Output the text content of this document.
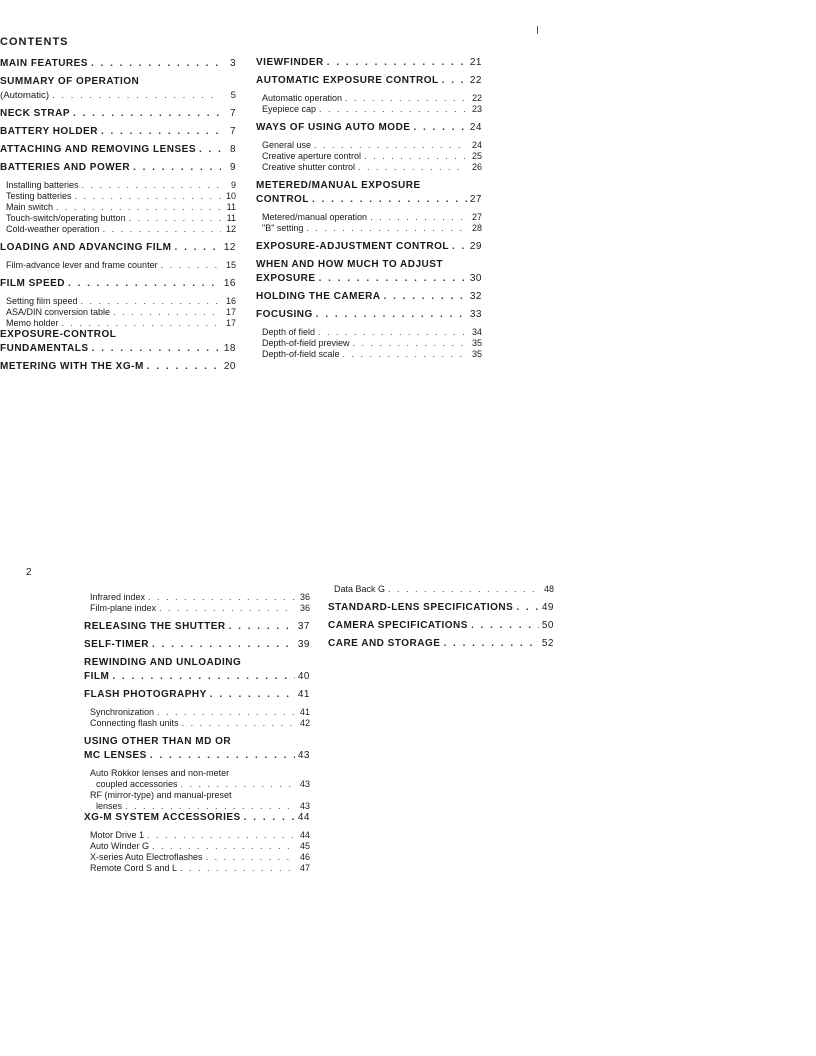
CONTENTS
MAIN FEATURES . . .	3
SUMMARY OF OPERATION
(Automatic) . . .	5
NECK STRAP . . .	7
BATTERY HOLDER . . .	7
ATTACHING AND REMOVING LENSES . . .	8
BATTERIES AND POWER . . .	9
Installing batteries . . .	9
Testing batteries . . .	10
Main switch . . .	11
Touch-switch/operating button . . .	11
Cold-weather operation . . .	12
LOADING AND ADVANCING FILM . . .	12
Film-advance lever and frame counter . . .	15
FILM SPEED . . .	16
Setting film speed . . .	16
ASA/DIN conversion table . . .	17
Memo holder . . .	17
EXPOSURE-CONTROL
FUNDAMENTALS . . .	18
METERING WITH THE XG-M . . .	20
VIEWFINDER . . .	21
AUTOMATIC EXPOSURE CONTROL . . .	22
Automatic operation . . .	22
Eyepiece cap . . .	23
WAYS OF USING AUTO MODE . . .	24
General use . . .	24
Creative aperture control . . .	25
Creative shutter control . . .	26
METERED/MANUAL EXPOSURE
CONTROL . . .	27
Metered/manual operation . . .	27
"B" setting . . .	28
EXPOSURE-ADJUSTMENT CONTROL . . . 29
WHEN AND HOW MUCH TO ADJUST
EXPOSURE . . .	30
HOLDING THE CAMERA . . .	32
FOCUSING . . .	33
Depth of field . . .	34
Depth-of-field preview . . .	35
Depth-of-field scale . . .	35
2
Infrared index . . .	36
Film-plane index . . .	36
RELEASING THE SHUTTER . . .	37
SELF-TIMER . . .	39
REWINDING AND UNLOADING
FILM . . .	40
FLASH PHOTOGRAPHY . . .	41
Synchronization . . .	41
Connecting flash units . . .	42
USING OTHER THAN MD OR
MC LENSES . . .	43
Auto Rokkor lenses and non-meter
coupled accessories . . .	43
RF (mirror-type) and manual-preset
lenses . . .	43
XG-M SYSTEM ACCESSORIES . . .	44
Motor Drive 1 . . .	44
Auto Winder G . . .	45
X-series Auto Electroflashes . . .	46
Remote Cord S and L . . .	47
Data Back G . . .	48
STANDARD-LENS SPECIFICATIONS . . .	49
CAMERA SPECIFICATIONS . . .	50
CARE AND STORAGE . . .	52
